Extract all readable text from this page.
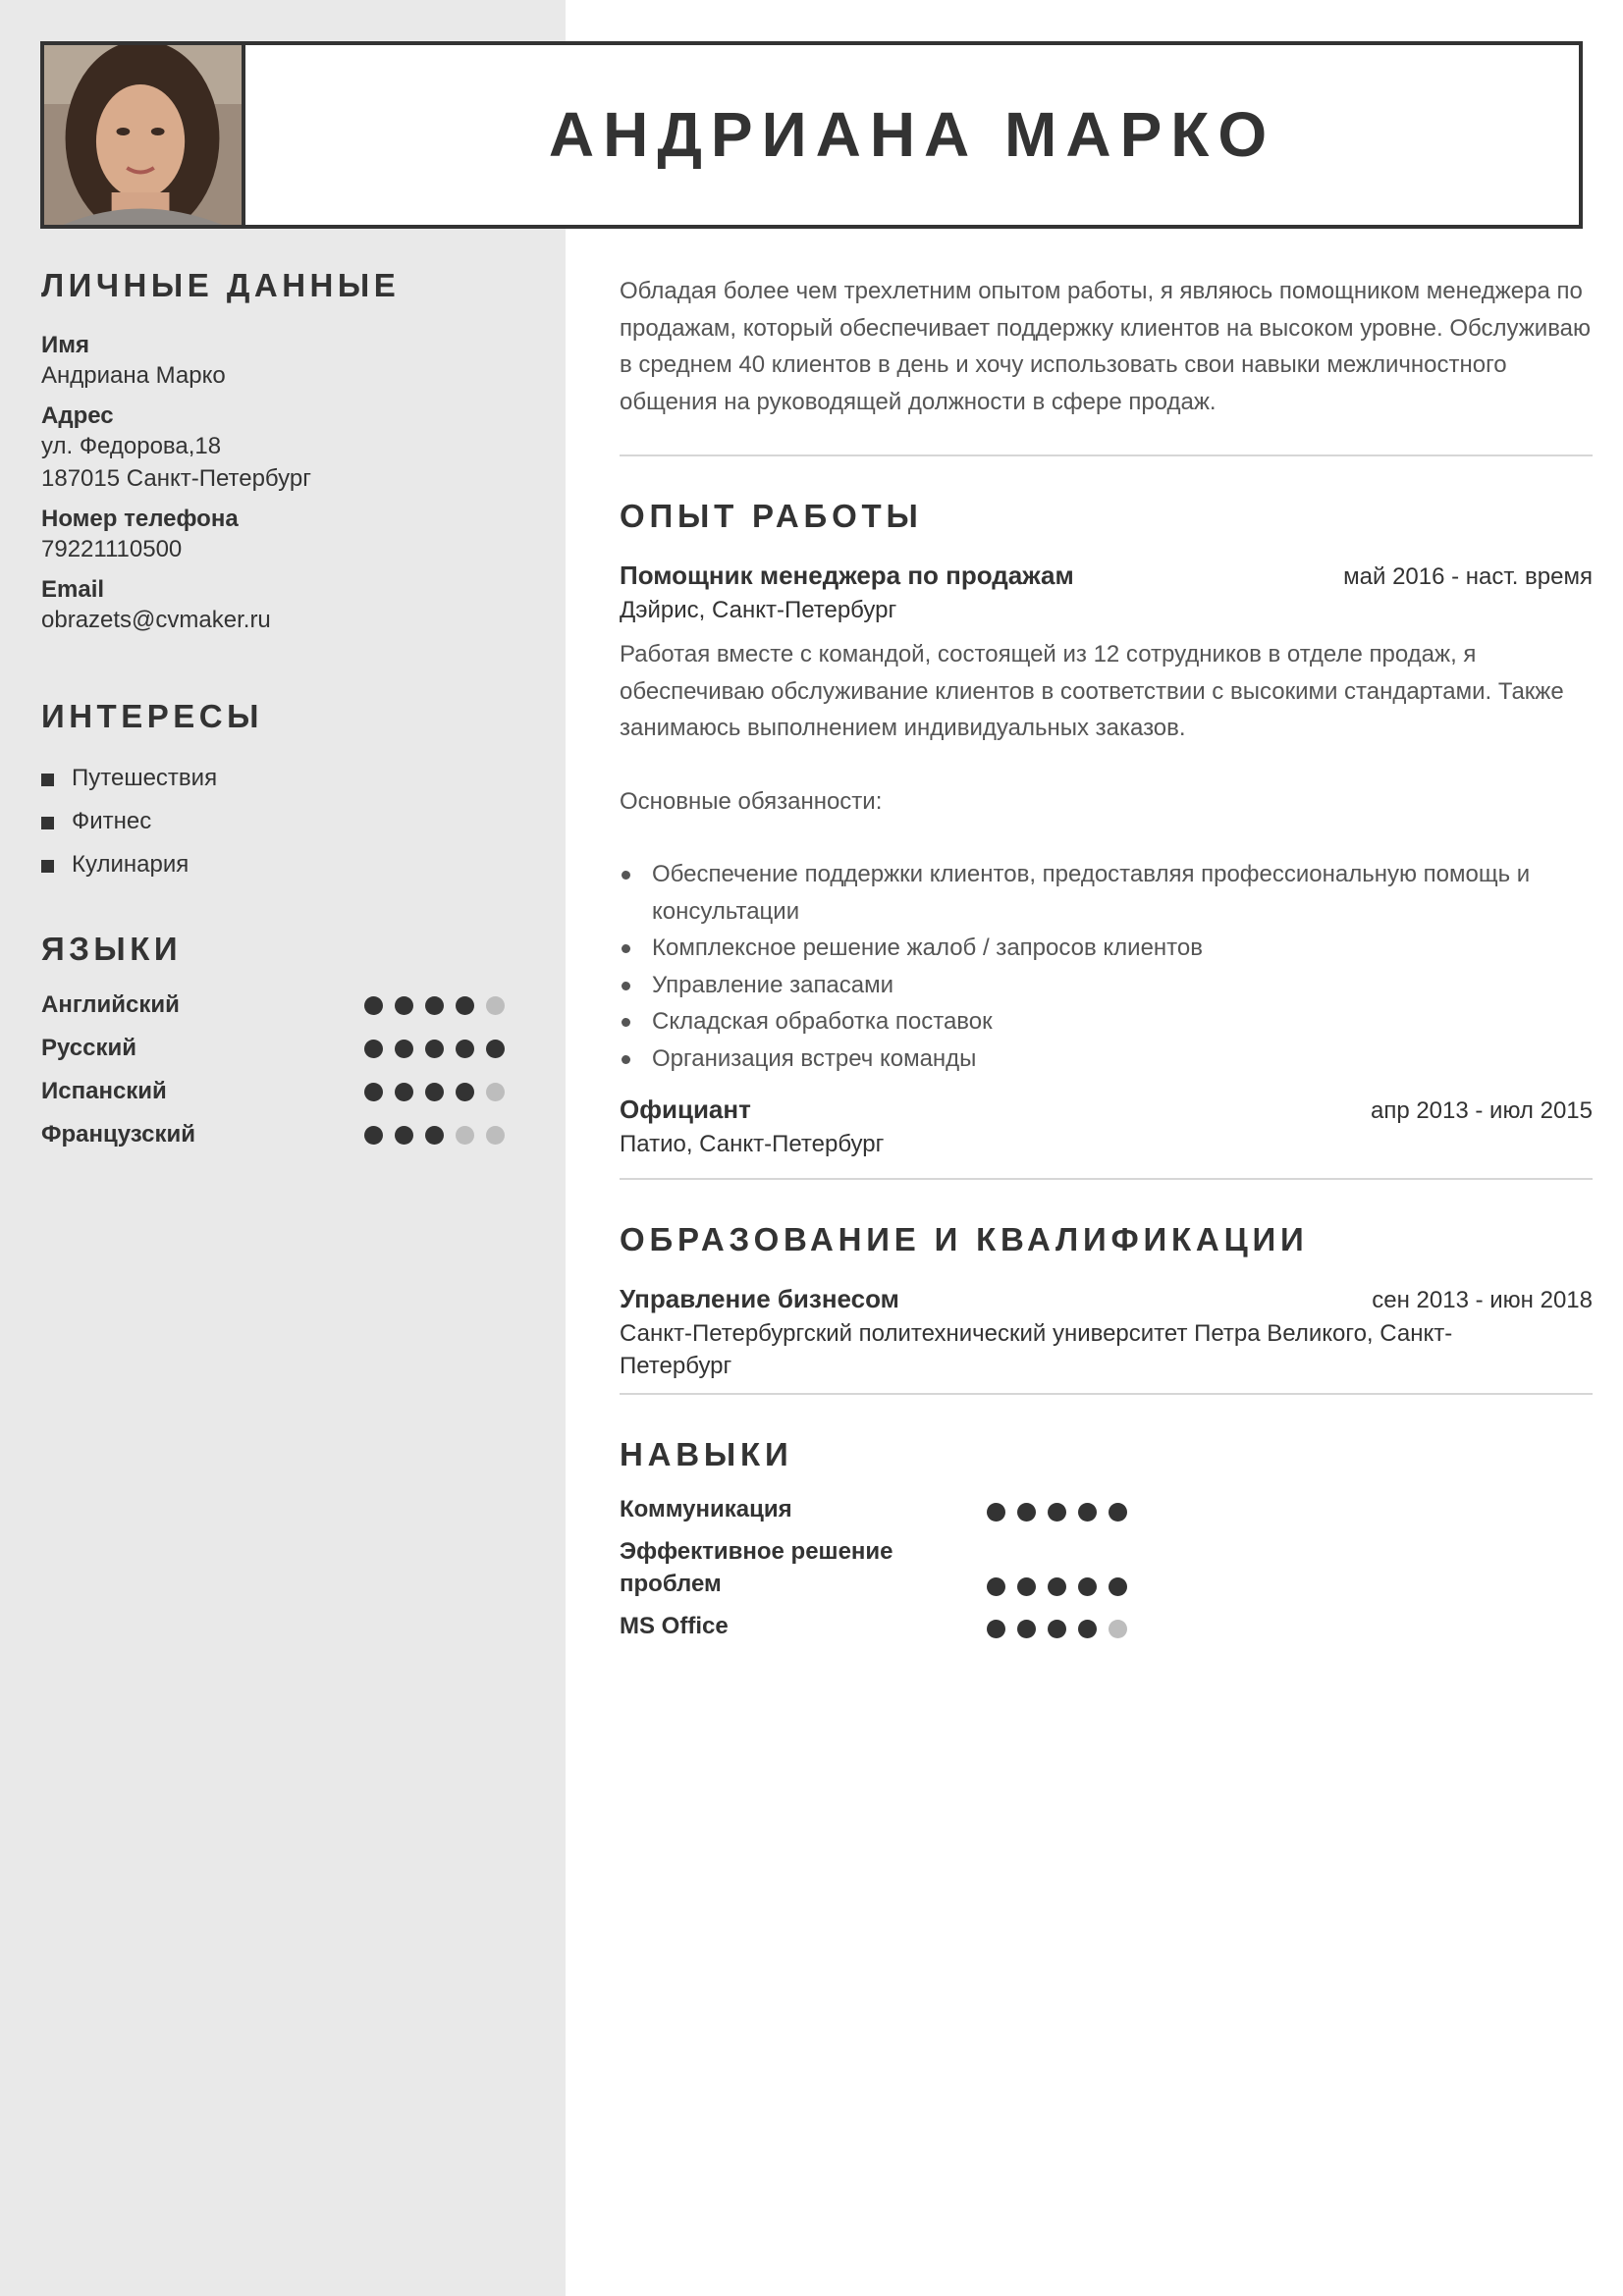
АНДРИАНА МАРКО
ЛИЧНЫЕ ДАННЫЕ
Имя
Андриана Марко
Адрес
ул. Федорова,18
187015 Санкт-Петербург
Номер телефона
79221110500
Email
obrazets@cvmaker.ru
ИНТЕРЕСЫ
Путешествия
Фитнес
Кулинария
ЯЗЫКИ
Английский
Русский
Испанский
Французский

Обладая более чем трехлетним опытом работы, я являюсь помощником менеджера по продажам, который обеспечивает поддержку клиентов на высоком уровне. Обслуживаю в среднем 40 клиентов в день и хочу использовать свои навыки межличностного общения на руководящей должности в сфере продаж.

ОПЫТ РАБОТЫ
Помощник менеджера по продажам	май 2016 - наст. время
Дэйрис, Санкт-Петербург

Работая вместе с командой, состоящей из 12 сотрудников в отделе продаж, я обеспечиваю обслуживание клиентов в соответствии с высокими стандартами. Также занимаюсь выполнением индивидуальных заказов.

Основные обязанности:

Обеспечение поддержки клиентов, предоставляя профессиональную помощь и консультации
Комплексное решение жалоб / запросов клиентов
Управление запасами
Складская обработка поставок
Организация встреч команды
Официант	апр 2013 - июл 2015
Патио, Санкт-Петербург
ОБРАЗОВАНИЕ И КВАЛИФИКАЦИИ
Управление бизнесом	сен 2013 - июн 2018
Санкт-Петербургский политехнический университет Петра Великого, Санкт-Петербург
НАВЫКИ
Коммуникация
Эффективное решение проблем
MS Office
